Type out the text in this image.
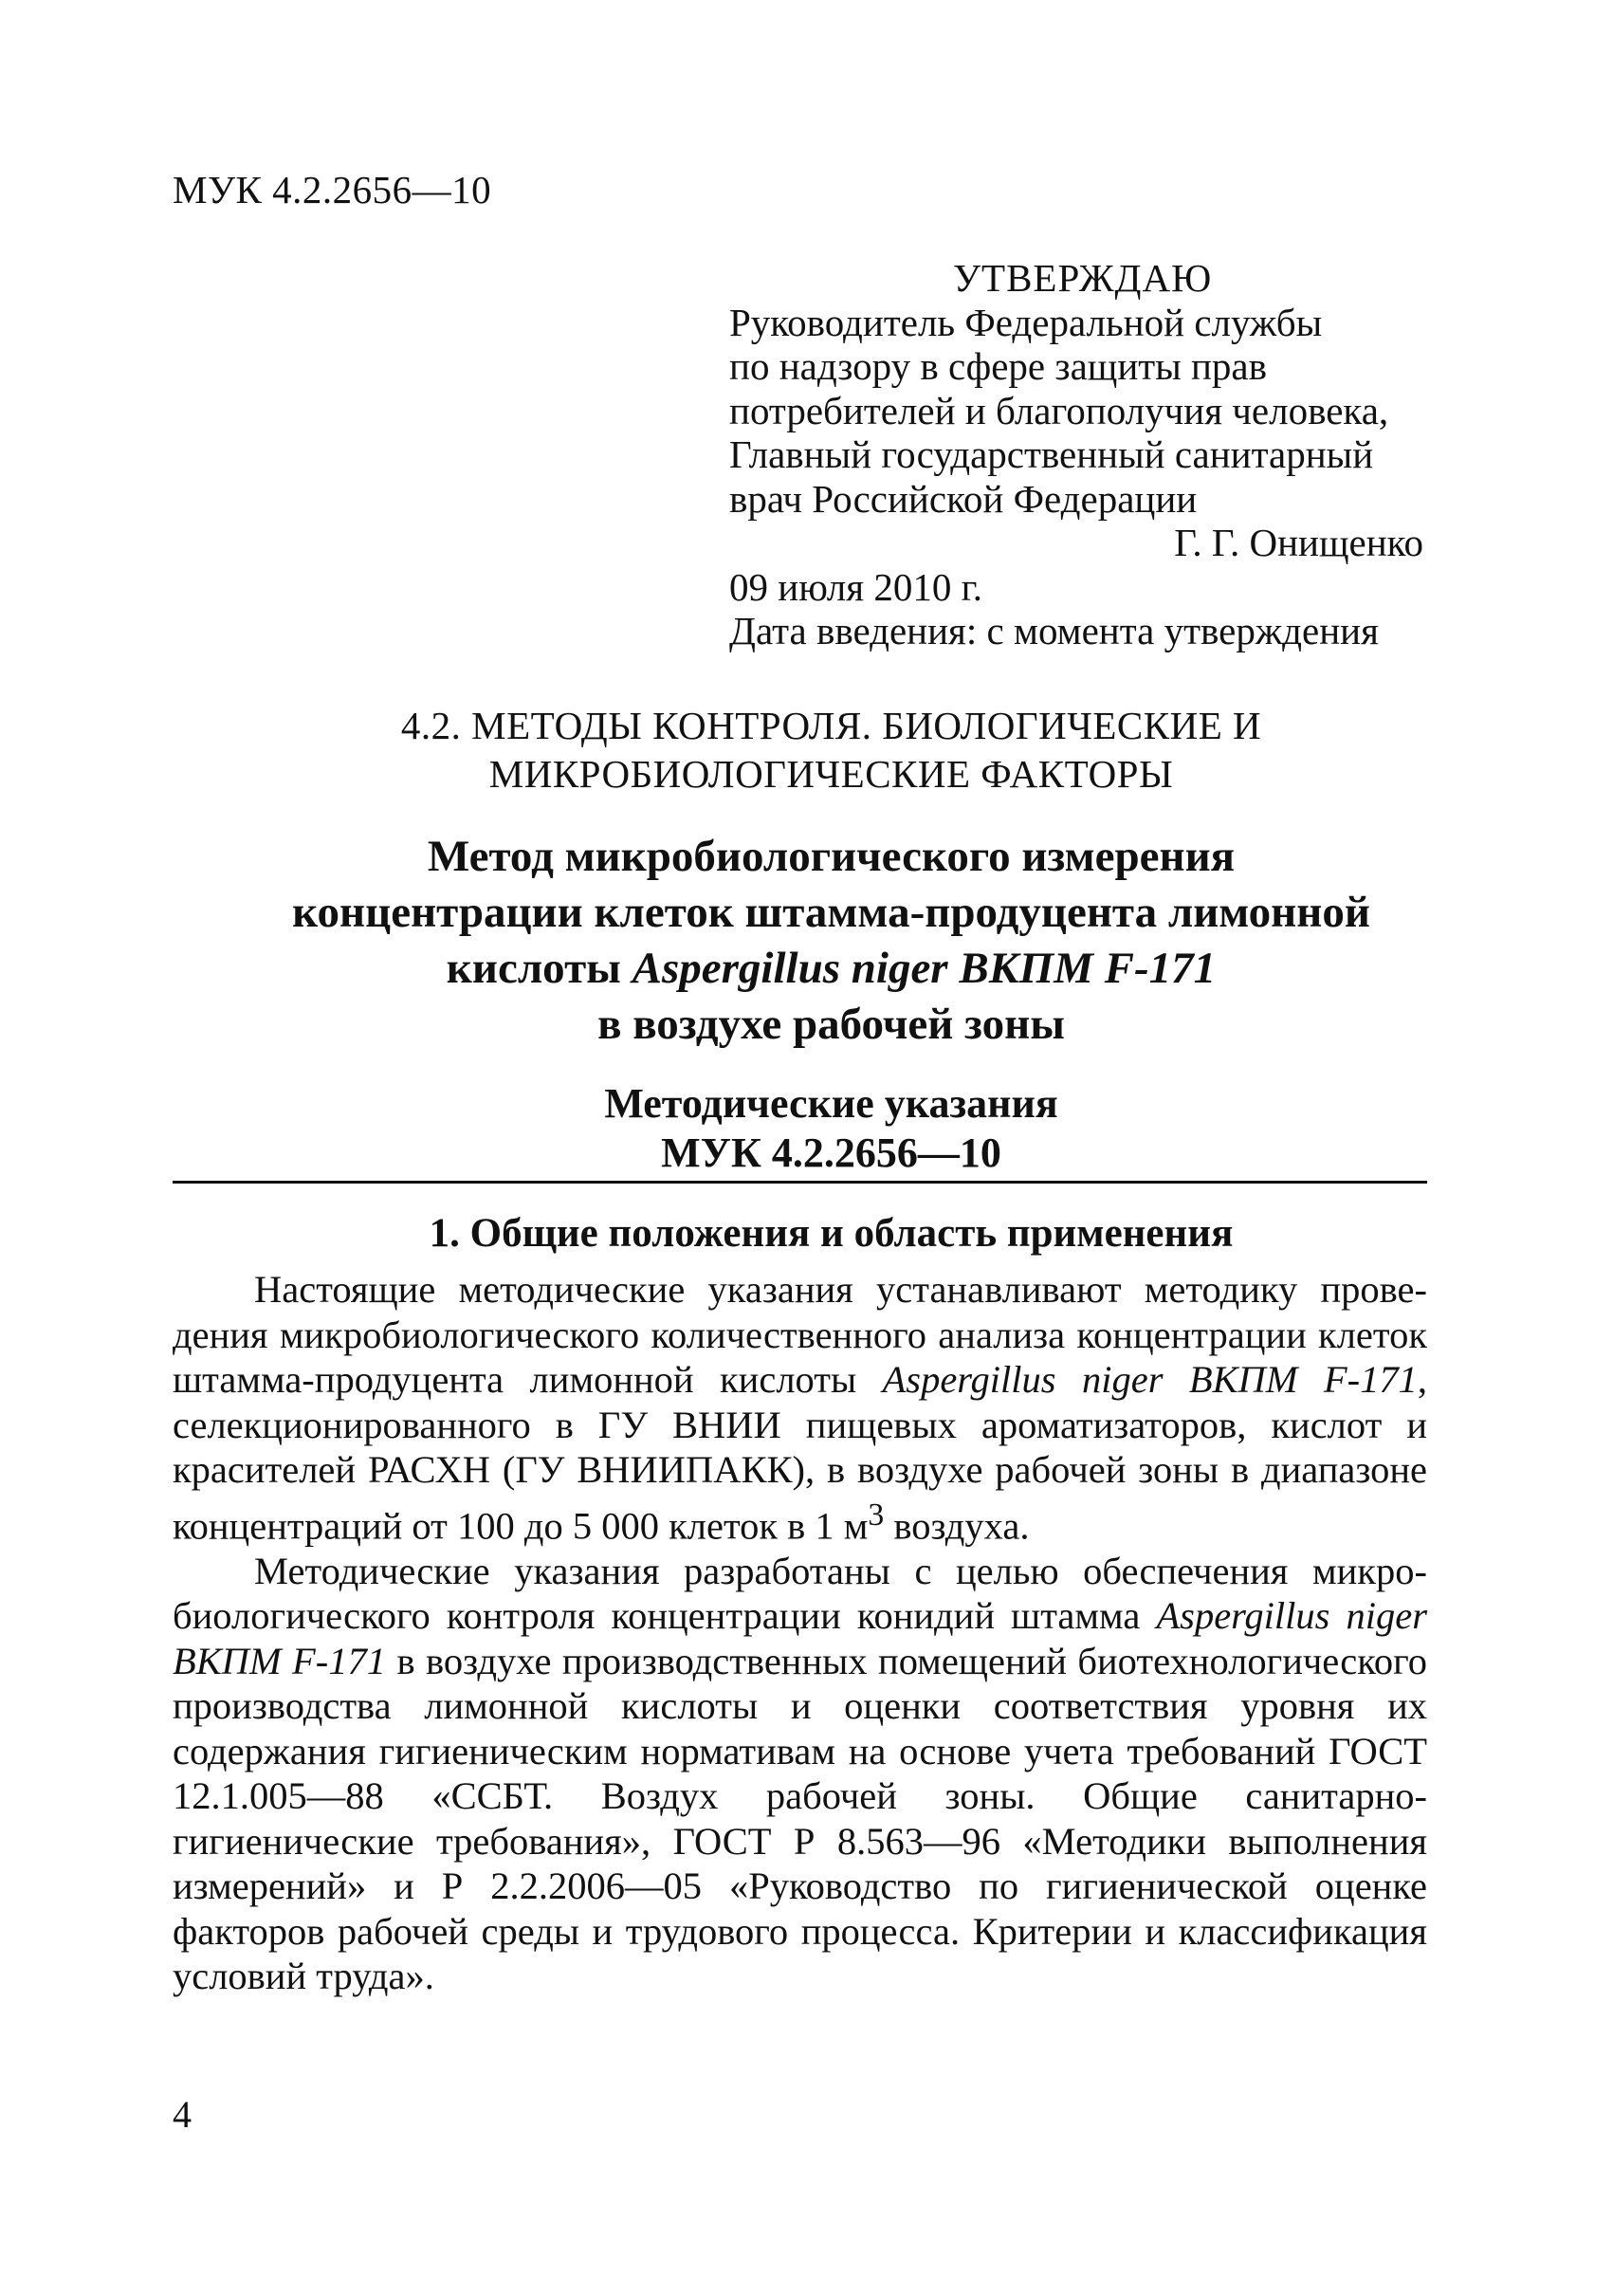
МУК 4.2.2656—10
УТВЕРЖДАЮ
Руководитель Федеральной службы
по надзору в сфере защиты прав
потребителей и благополучия человека,
Главный государственный санитарный
врач Российской Федерации
Г. Г. Онищенко
09 июля 2010 г.
Дата введения: с момента утверждения
4.2. МЕТОДЫ КОНТРОЛЯ. БИОЛОГИЧЕСКИЕ И
МИКРОБИОЛОГИЧЕСКИЕ ФАКТОРЫ
Метод микробиологического измерения
концентрации клеток штамма-продуцента лимонной
кислоты Aspergillus niger ВКПМ F-171
в воздухе рабочей зоны
Методические указания
МУК 4.2.2656—10
1. Общие положения и область применения

Настоящие методические указания устанавливают методику проведения микробиологического количественного анализа концентрации клеток штамма-продуцента лимонной кислоты Aspergillus niger ВКПМ F-171, селекционированного в ГУ ВНИИ пищевых ароматизаторов, кислот и красителей РАСХН (ГУ ВНИИПАКК), в воздухе рабочей зоны в диапазоне концентраций от 100 до 5 000 клеток в 1 $м^3$ воздуха.

Методические указания разработаны с целью обеспечения микробиологического контроля концентрации конидий штамма Aspergillus niger ВКПМ F-171 в воздухе производственных помещений биотехнологического производства лимонной кислоты и оценки соответствия уровня их содержания гигиеническим нормативам на основе учета требований ГОСТ 12.1.005—88 «ССБТ. Воздух рабочей зоны. Общие санитарно-гигиенические требования», ГОСТ Р 8.563—96 «Методики выполнения измерений» и Р 2.2.2006—05 «Руководство по гигиенической оценке факторов рабочей среды и трудового процесса. Критерии и классификация условий труда».

4
